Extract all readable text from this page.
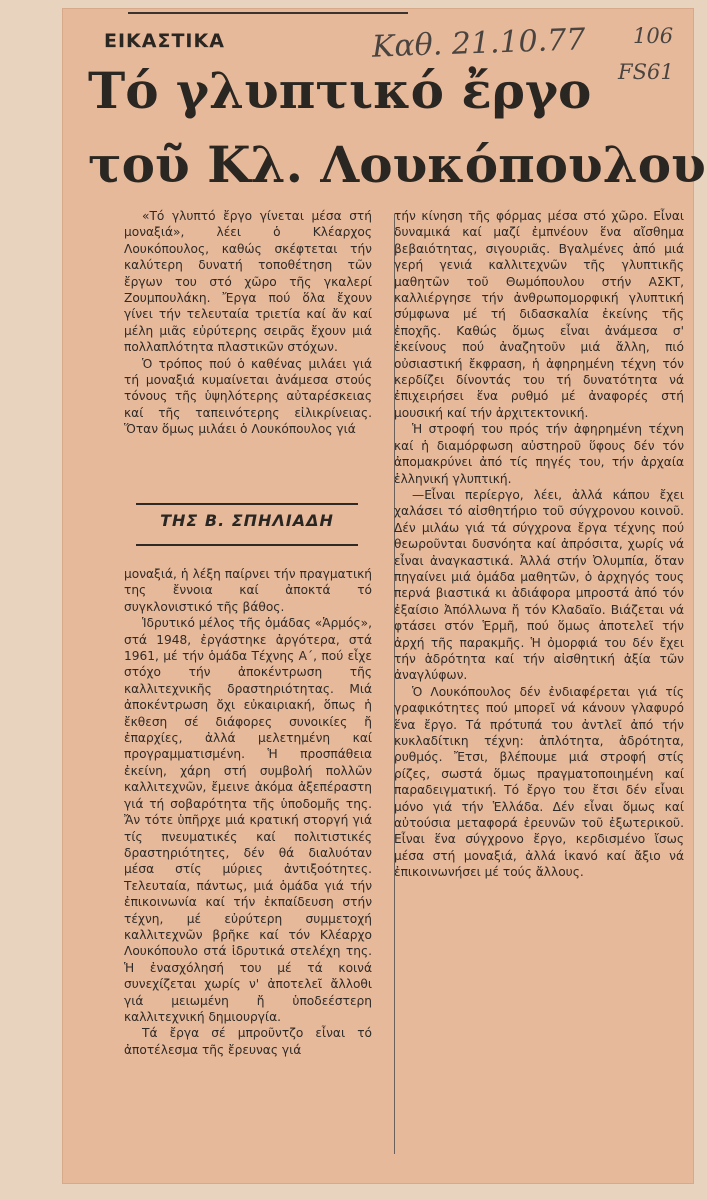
ΕΙΚΑΣΤΙΚΑ	Καθ. 21.10.77 106
FS61
Τό γλυπτικό ἔργο
τοῦ Κλ. Λουκόπουλου

«Τό γλυπτό ἔργο γίνεται μέσα στή μοναξιά», λέει ὁ Κλέαρχος Λουκόπουλος, καθώς σκέφτεται τήν καλύτερη δυνατή τοποθέτηση τῶν ἔργων του στό χῶρο τῆς γκαλερί Ζουμπουλάκη. Ἔργα πού ὅλα ἔχουν γίνει τήν τελευταία τριετία καί ἄν καί μέλη μιᾶς εὐρύτερης σειρᾶς ἔχουν μιά πολλαπλότητα πλαστικῶν στόχων.

Ὁ τρόπος πού ὁ καθένας μιλάει γιά τή μοναξιά κυμαίνεται ἀνάμεσα στούς τόνους τῆς ὑψηλότερης αὐταρέσκειας καί τῆς ταπεινότερης εἰλικρίνειας. Ὅταν ὅμως μιλάει ὁ Λουκόπουλος γιά

ΤΗΣ Β. ΣΠΗΛΙΑΔΗ

μοναξιά, ἡ λέξη παίρνει τήν πραγματική της ἔννοια καί ἀποκτά τό συγκλονιστικό τῆς βάθος.

Ἱδρυτικό μέλος τῆς ὁμάδας «Ἁρμός», στά 1948, ἐργάστηκε ἀργότερα, στά 1961, μέ τήν ὁμάδα Τέχνης Α΄, πού εἶχε στόχο τήν ἀποκέντρωση τῆς καλλιτεχνικῆς δραστηριότητας. Μιά ἀποκέντρωση ὄχι εὐκαιριακή, ὅπως ἡ ἔκθεση σέ διάφορες συνοικίες ἤ ἐπαρχίες, ἀλλά μελετημένη καί προγραμματισμένη. Ἡ προσπάθεια ἐκείνη, χάρη στή συμβολή πολλῶν καλλιτεχνῶν, ἔμεινε ἀκόμα ἀξεπέραστη γιά τή σοβαρότητα τῆς ὑποδομῆς της. Ἄν τότε ὑπῆρχε μιά κρατική στοργή γιά τίς πνευματικές καί πολιτιστικές δραστηριότητες, δέν θά διαλυόταν μέσα στίς μύριες ἀντιξοότητες. Τελευταία, πάντως, μιά ὁμάδα γιά τήν ἐπικοινωνία καί τήν ἐκπαίδευση στήν τέχνη, μέ εὐρύτερη συμμετοχή καλλιτεχνῶν βρῆκε καί τόν Κλέαρχο Λουκόπουλο στά ἱδρυτικά στελέχη της. Ἡ ἐνασχόλησή του μέ τά κοινά συνεχίζεται χωρίς ν' ἀποτελεῖ ἄλλοθι γιά μειωμένη ἤ ὑποδεέστερη καλλιτεχνική δημιουργία.

Τά ἔργα σέ μπροῦντζο εἶναι τό ἀποτέλεσμα τῆς ἔρευνας γιά

τήν κίνηση τῆς φόρμας μέσα στό χῶρο. Εἶναι δυναμικά καί μαζί ἐμπνέουν ἕνα αἴσθημα βεβαιότητας, σιγουριᾶς. Βγαλμένες ἀπό μιά γερή γενιά καλλιτεχνῶν τῆς γλυπτικῆς μαθητῶν τοῦ Θωμόπουλου στήν ΑΣΚΤ, καλλιέργησε τήν ἀνθρωπομορφική γλυπτική σύμφωνα μέ τή διδασκαλία ἐκείνης τῆς ἐποχῆς. Καθώς ὅμως εἶναι ἀνάμεσα σ' ἐκείνους πού ἀναζητοῦν μιά ἄλλη, πιό οὐσιαστική ἔκφραση, ἡ ἀφηρημένη τέχνη τόν κερδίζει δίνοντάς του τή δυνατότητα νά ἐπιχειρήσει ἕνα ρυθμό μέ ἀναφορές στή μουσική καί τήν ἀρχιτεκτονική.

Ἡ στροφή του πρός τήν ἀφηρημένη τέχνη καί ἡ διαμόρφωση αὐστηροῦ ὕφους δέν τόν ἀπομακρύνει ἀπό τίς πηγές του, τήν ἀρχαία ἑλληνική γλυπτική.

—Εἶναι περίεργο, λέει, ἀλλά κάπου ἔχει χαλάσει τό αἰσθητήριο τοῦ σύγχρονου κοινοῦ. Δέν μιλάω γιά τά σύγχρονα ἔργα τέχνης πού θεωροῦνται δυσνόητα καί ἀπρόσιτα, χωρίς νά εἶναι ἀναγκαστικά. Ἀλλά στήν Ὀλυμπία, ὅταν πηγαίνει μιά ὁμάδα μαθητῶν, ὁ ἀρχηγός τους περνά βιαστικά κι ἀδιάφορα μπροστά ἀπό τόν ἐξαίσιο Ἀπόλλωνα ἤ τόν Κλαδαῖο. Βιάζεται νά φτάσει στόν Ἑρμῆ, πού ὅμως ἀποτελεῖ τήν ἀρχή τῆς παρακμῆς. Ἡ ὀμορφιά του δέν ἔχει τήν ἁδρότητα καί τήν αἰσθητική ἀξία τῶν ἀναγλύφων.

Ὁ Λουκόπουλος δέν ἐνδιαφέρεται γιά τίς γραφικότητες πού μπορεῖ νά κάνουν γλαφυρό ἕνα ἔργο. Τά πρότυπά του ἀντλεῖ ἀπό τήν κυκλαδίτικη τέχνη: ἁπλότητα, ἁδρότητα, ρυθμός. Ἔτσι, βλέπουμε μιά στροφή στίς ρίζες, σωστά ὅμως πραγματοποιημένη καί παραδειγματική. Τό ἔργο του ἔτσι δέν εἶναι μόνο γιά τήν Ἑλλάδα. Δέν εἶναι ὅμως καί αὐτούσια μεταφορά ἐρευνῶν τοῦ ἐξωτερικοῦ. Εἶναι ἕνα σύγχρονο ἔργο, κερδισμένο ἴσως μέσα στή μοναξιά, ἀλλά ἱκανό καί ἄξιο νά ἐπικοινωνήσει μέ τούς ἄλλους.
